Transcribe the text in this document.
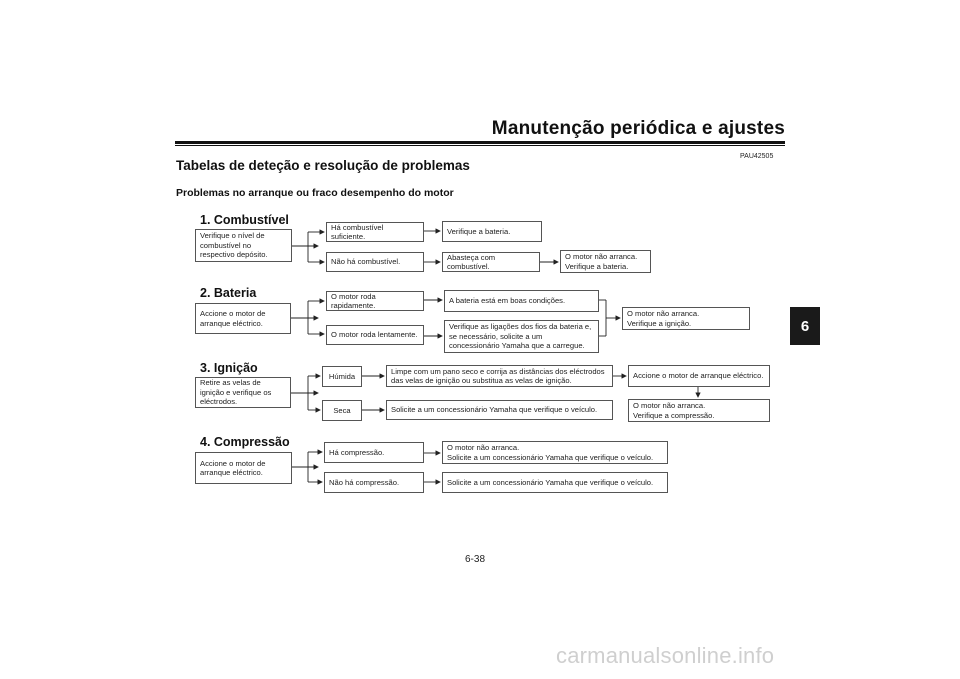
Manutenção periódica e ajustes
6
PAU42505
Tabelas de deteção e resolução de problemas
Problemas no arranque ou fraco desempenho do motor
1. Combustível
Verifique o nível de combustível no respectivo depósito.
Há combustível suficiente.
Não há combustível.
Verifique a bateria.
Abasteça com combustível.
O motor não arranca.
Verifique a bateria.
2. Bateria
Accione o motor de arranque eléctrico.
O motor roda rapidamente.
O motor roda lentamente.
A bateria está em boas condições.
Verifique as ligações dos fios da bateria e, se necessário, solicite a um concessionário Yamaha que a carregue.
O motor não arranca.
Verifique a ignição.
3. Ignição
Retire as velas de ignição e verifique os eléctrodos.
Húmida
Seca
Limpe com um pano seco e corrija as distâncias dos eléctrodos das velas de ignição ou substitua as velas de ignição.
Solicite a um concessionário Yamaha que verifique o veículo.
Accione o motor de arranque eléctrico.
O motor não arranca.
Verifique a compressão.
4. Compressão
Accione o motor de arranque eléctrico.
Há compressão.
Não há compressão.
O motor não arranca.
Solicite a um concessionário Yamaha que verifique o veículo.
Solicite a um concessionário Yamaha que verifique o veículo.
6-38
carmanualsonline.info
